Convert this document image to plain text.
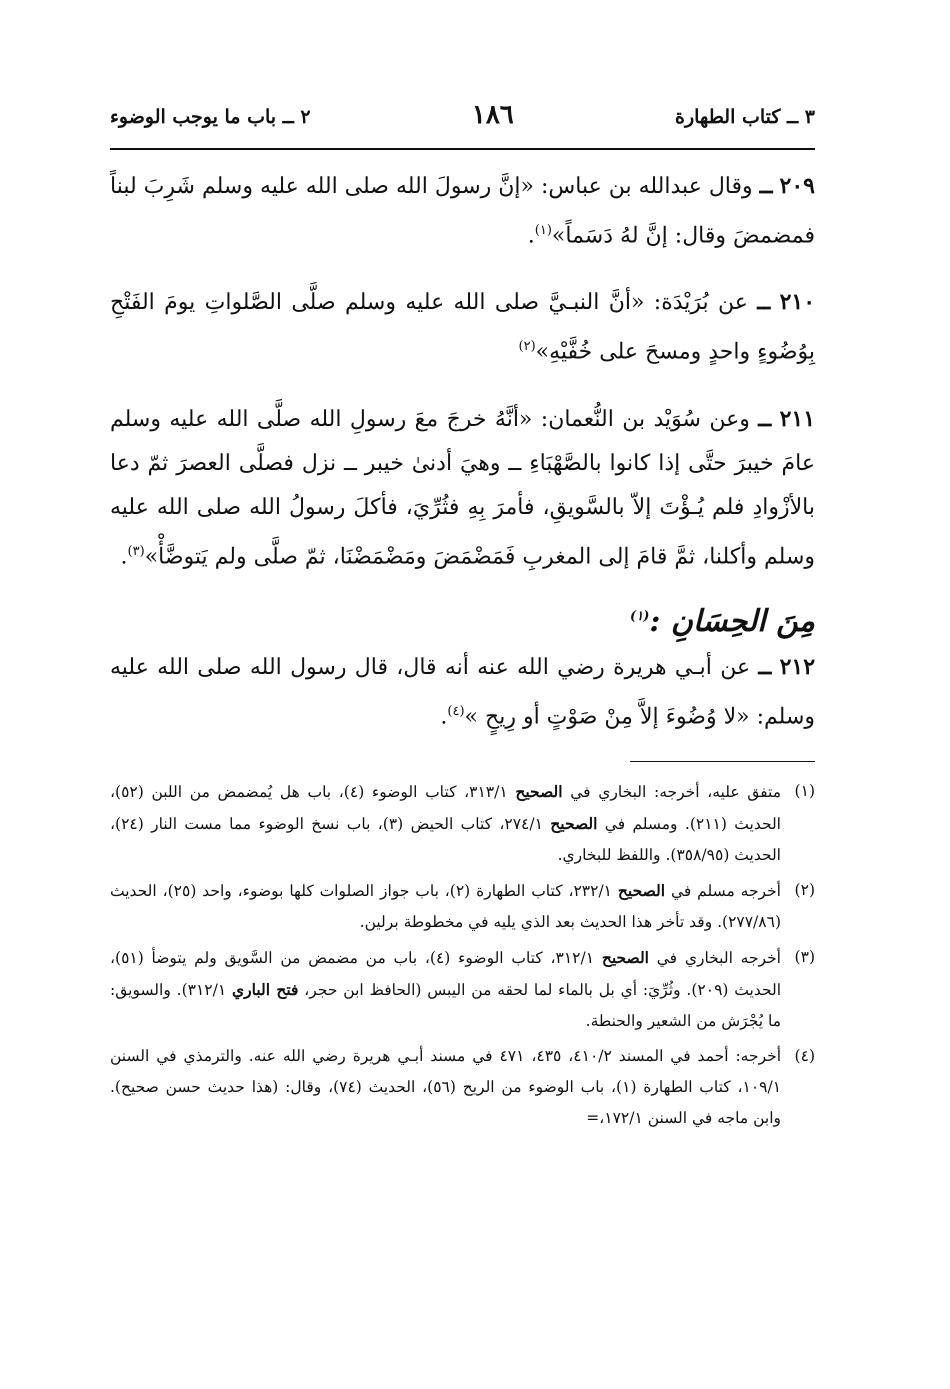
٣ ــ كتاب الطهارة
١٨٦
٢ ــ باب ما يوجب الوضوء

٢٠٩ ــ وقال عبدالله بن عباس: «إنَّ رسولَ الله صلى الله عليه وسلم شَرِبَ لبناً فمضمضَ وقال: إنَّ لهُ دَسَماً»$^{(١)}$.

٢١٠ ــ عن بُرَيْدَة: «أنَّ النبـيَّ صلى الله عليه وسلم صلَّى الصَّلواتِ يومَ الفَتْحِ بِوُضُوءٍ واحدٍ ومسحَ على خُفَّيْهِ»$^{(٢)}$

٢١١ ــ وعن سُوَيْد بن النُّعمان: «أنَّهُ خرجَ معَ رسولِ الله صلَّى الله عليه وسلم عامَ خيبرَ حتَّى إذا كانوا بالصَّهْبَاءِ ــ وهيَ أدنىٰ خيبر ــ نزل فصلَّى العصرَ ثمّ دعا بالأزْوادِ فلم يُـؤْتَ إلاّ بالسَّويقِ، فأمرَ بِهِ فثُرِّيَ، فأكلَ رسولُ الله صلى الله عليه وسلم وأكلنا، ثمَّ قامَ إلى المغربِ فَمَضْمَضَ ومَضْمَضْنَا، ثمّ صلَّى ولم يَتوضَّأْ»$^{(٣)}$.

مِنَ الحِسَانِ :$^{(١)}$

٢١٢ ــ عن أبـي هريرة رضي الله عنه أنه قال، قال رسول الله صلى الله عليه وسلم: «لا وُضُوءَ إلاَّ مِنْ صَوْتٍ أو رِيحٍ »$^{(٤)}$.

(١)
متفق عليه، أخرجه: البخاري في الصحيح ٣١٣/١، كتاب الوضوء (٤)، باب هل يُمضمض من اللبن (٥٢)، الحديث (٢١١). ومسلم في الصحيح ٢٧٤/١، كتاب الحيض (٣)، باب نسخ الوضوء مما مست النار (٢٤)، الحديث (٣٥٨/٩٥). واللفظ للبخاري.
(٢)
أخرجه مسلم في الصحيح ٢٣٢/١، كتاب الطهارة (٢)، باب جواز الصلوات كلها بوضوء، واحد (٢٥)، الحديث (٢٧٧/٨٦). وقد تأخر هذا الحديث بعد الذي يليه في مخطوطة برلين.
(٣)
أخرجه البخاري في الصحيح ٣١٢/١، كتاب الوضوء (٤)، باب من مضمض من السَّويق ولم يتوضأ (٥١)، الحديث (٢٠٩). وثُرِّيَ: أي بل بالماء لما لحقه من اليبس (الحافظ ابن حجر، فتح الباري ٣١٢/١). والسويق: ما يُجْرَش من الشعير والحنطة.
(٤)
أخرجه: أحمد في المسند ٤١٠/٢، ٤٣٥، ٤٧١ في مسند أبـي هريرة رضي الله عنه. والترمذي في السنن ١٠٩/١، كتاب الطهارة (١)، باب الوضوء من الريح (٥٦)، الحديث (٧٤)، وقال: (هذا حديث حسن صحيح). وابن ماجه في السنن ١٧٢/١،=
